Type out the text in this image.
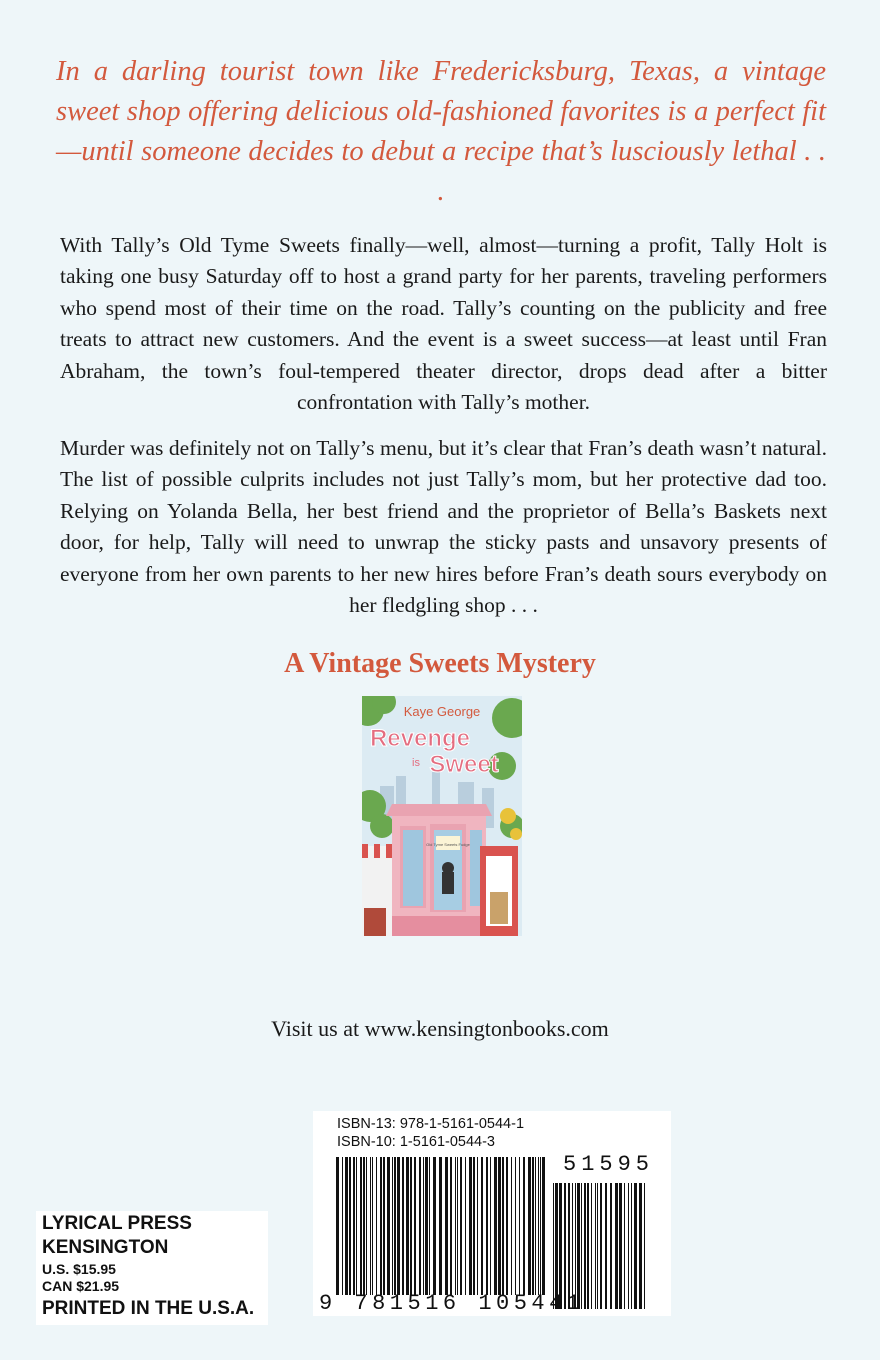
In a darling tourist town like Fredericksburg, Texas, a vintage sweet shop offering delicious old-fashioned favorites is a perfect fit—until someone decides to debut a recipe that’s lusciously lethal . . .
With Tally’s Old Tyme Sweets finally—well, almost—turning a profit, Tally Holt is taking one busy Saturday off to host a grand party for her parents, traveling performers who spend most of their time on the road. Tally’s counting on the publicity and free treats to attract new customers. And the event is a sweet success—at least until Fran Abraham, the town’s foul-tempered theater director, drops dead after a bitter confrontation with Tally’s mother.
Murder was definitely not on Tally’s menu, but it’s clear that Fran’s death wasn’t natural. The list of possible culprits includes not just Tally’s mom, but her protective dad too. Relying on Yolanda Bella, her best friend and the proprietor of Bella’s Baskets next door, for help, Tally will need to unwrap the sticky pasts and unsavory presents of everyone from her own parents to her new hires before Fran’s death sours everybody on her fledgling shop . . .
A Vintage Sweets Mystery
Kaye George
Revenge
is Sweet
Old Tyme Sweets Fudge
Visit us at www.kensingtonbooks.com
ISBN-13: 978-1-5161-0544-1
ISBN-10: 1-5161-0544-3
51595
9 781516 105441
LYRICAL PRESS
KENSINGTON
U.S. $15.95
CAN $21.95
PRINTED IN THE U.S.A.
